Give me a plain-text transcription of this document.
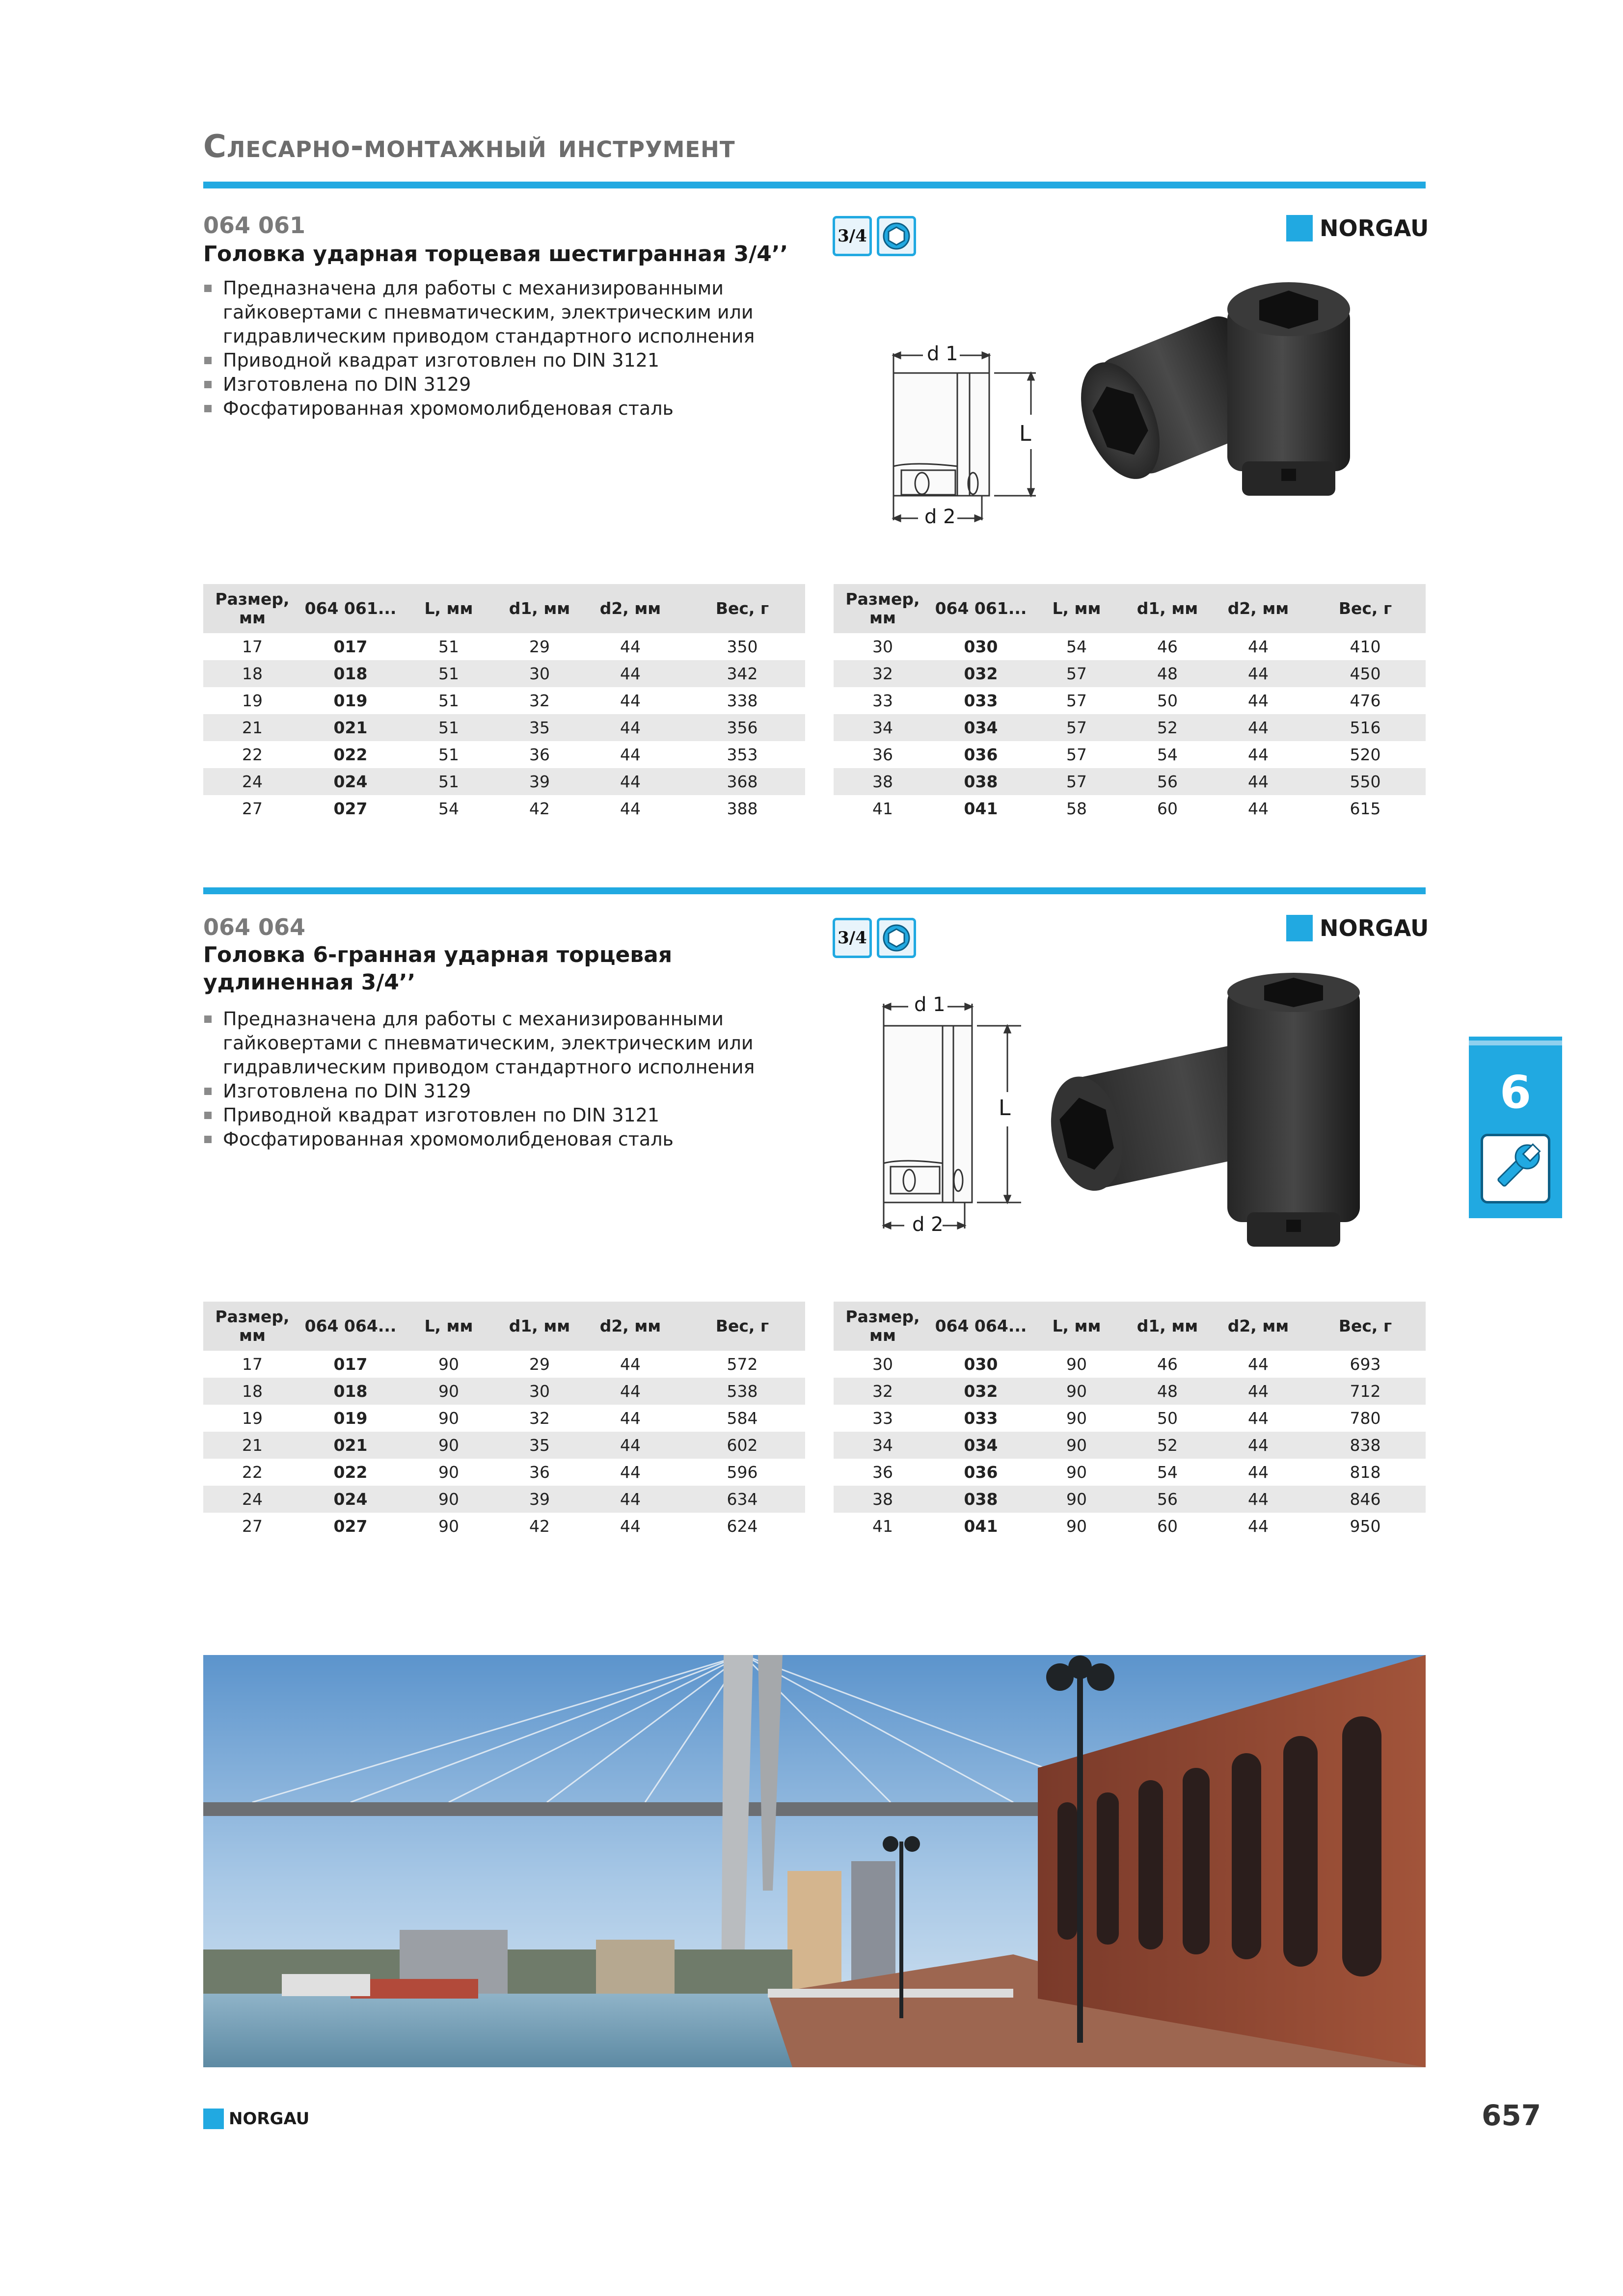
Слесарно-монтажный инструмент
064 061
Головка ударная торцевая шестигранная 3/4’’
Предназначена для работы с механизированными гайковертами с пневматическим, электрическим или гидравлическим приводом стандартного исполнения
Приводной квадрат изготовлен по DIN 3121
Изготовлена по DIN 3129
Фосфатированная хромомолибденовая сталь
3/4	NORGAU
d 1
d 2
L
Размер, мм	064 061...	L, мм	d1, мм	d2, мм	Вес, г
17	017	51	29	44	350
18	018	51	30	44	342
19	019	51	32	44	338
21	021	51	35	44	356
22	022	51	36	44	353
24	024	51	39	44	368
27	027	54	42	44	388
Размер, мм	064 061...	L, мм	d1, мм	d2, мм	Вес, г
30	030	54	46	44	410
32	032	57	48	44	450
33	033	57	50	44	476
34	034	57	52	44	516
36	036	57	54	44	520
38	038	57	56	44	550
41	041	58	60	44	615
064 064
Головка 6-гранная ударная торцевая удлиненная 3/4’’
Предназначена для работы с механизированными гайковертами с пневматическим, электрическим или гидравлическим приводом стандартного исполнения
Изготовлена по DIN 3129
Приводной квадрат изготовлен по DIN 3121
Фосфатированная хромомолибденовая сталь
3/4	NORGAU
d 1
d 2
L
Размер, мм	064 064...	L, мм	d1, мм	d2, мм	Вес, г
17	017	90	29	44	572
18	018	90	30	44	538
19	019	90	32	44	584
21	021	90	35	44	602
22	022	90	36	44	596
24	024	90	39	44	634
27	027	90	42	44	624
Размер, мм	064 064...	L, мм	d1, мм	d2, мм	Вес, г
30	030	90	46	44	693
32	032	90	48	44	712
33	033	90	50	44	780
34	034	90	52	44	838
36	036	90	54	44	818
38	038	90	56	44	846
41	041	90	60	44	950
6
NORGAU	657
